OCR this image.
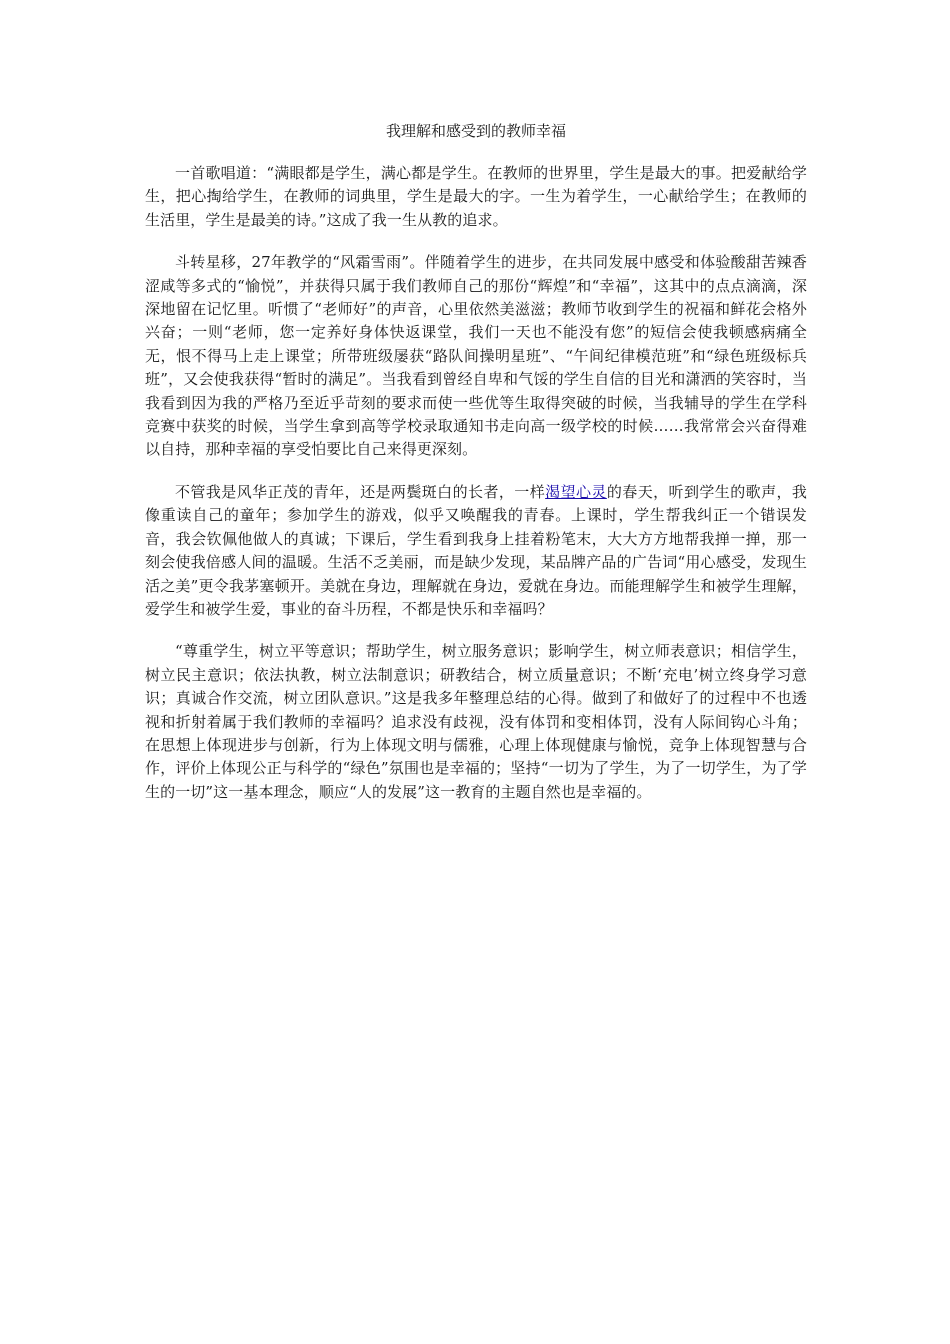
我理解和感受到的教师幸福

一首歌唱道：“满眼都是学生，满心都是学生。在教师的世界里，学生是最大的事。把爱献给学生，把心掏给学生，在教师的词典里，学生是最大的字。一生为着学生，一心献给学生；在教师的生活里，学生是最美的诗。”这成了我一生从教的追求。

斗转星移，27年教学的“风霜雪雨”。伴随着学生的进步，在共同发展中感受和体验酸甜苦辣香涩咸等多式的“愉悦”，并获得只属于我们教师自己的那份“辉煌”和“幸福”，这其中的点点滴滴，深深地留在记忆里。听惯了“老师好”的声音，心里依然美滋滋；教师节收到学生的祝福和鲜花会格外兴奋；一则“老师，您一定养好身体快返课堂，我们一天也不能没有您”的短信会使我顿感病痛全无，恨不得马上走上课堂；所带班级屡获“路队间操明星班”、“午间纪律模范班”和“绿色班级标兵班”，又会使我获得“暂时的满足”。当我看到曾经自卑和气馁的学生自信的目光和潇洒的笑容时，当我看到因为我的严格乃至近乎苛刻的要求而使一些优等生取得突破的时候，当我辅导的学生在学科竞赛中获奖的时候，当学生拿到高等学校录取通知书走向高一级学校的时候……我常常会兴奋得难以自持，那种幸福的享受怕要比自己来得更深刻。

不管我是风华正茂的青年，还是两鬓斑白的长者，一样渴望心灵的春天，听到学生的歌声，我像重读自己的童年；参加学生的游戏，似乎又唤醒我的青春。上课时，学生帮我纠正一个错误发音，我会钦佩他做人的真诚；下课后，学生看到我身上挂着粉笔末，大大方方地帮我掸一掸，那一刻会使我倍感人间的温暖。生活不乏美丽，而是缺少发现，某品牌产品的广告词“用心感受，发现生活之美”更令我茅塞顿开。美就在身边，理解就在身边，爱就在身边。而能理解学生和被学生理解，爱学生和被学生爱，事业的奋斗历程，不都是快乐和幸福吗？

“尊重学生，树立平等意识；帮助学生，树立服务意识；影响学生，树立师表意识；相信学生，树立民主意识；依法执教，树立法制意识；研教结合，树立质量意识；不断‘充电’树立终身学习意识；真诚合作交流，树立团队意识。”这是我多年整理总结的心得。做到了和做好了的过程中不也透视和折射着属于我们教师的幸福吗？追求没有歧视，没有体罚和变相体罚，没有人际间钩心斗角；在思想上体现进步与创新，行为上体现文明与儒雅，心理上体现健康与愉悦，竞争上体现智慧与合作，评价上体现公正与科学的“绿色”氛围也是幸福的；坚持“一切为了学生，为了一切学生，为了学生的一切”这一基本理念，顺应“人的发展”这一教育的主题自然也是幸福的。
